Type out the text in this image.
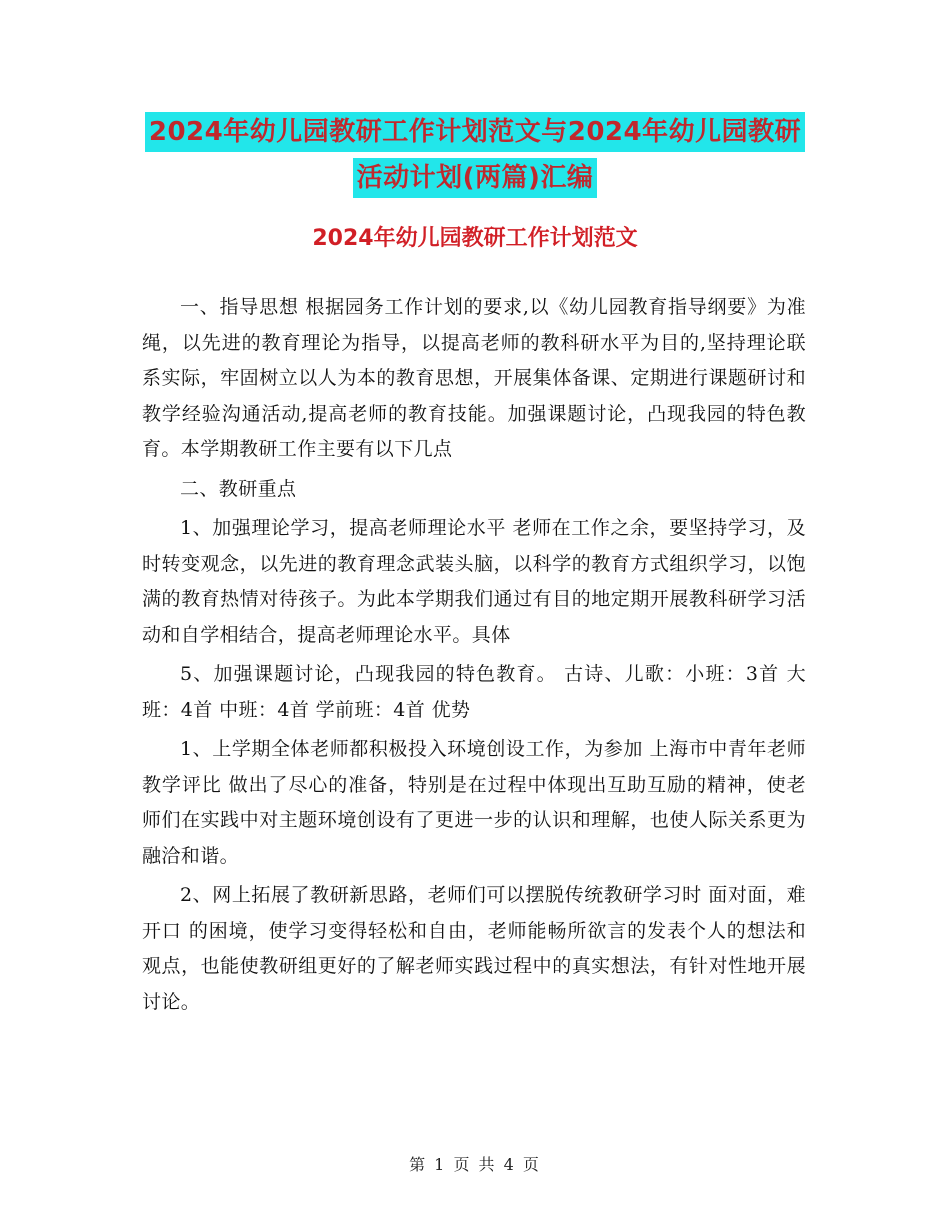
2024年幼儿园教研工作计划范文与2024年幼儿园教研
活动计划(两篇)汇编
2024年幼儿园教研工作计划范文

一、指导思想 根据园务工作计划的要求,以《幼儿园教育指导纲要》为准绳，以先进的教育理论为指导，以提高老师的教科研水平为目的,坚持理论联系实际，牢固树立以人为本的教育思想，开展集体备课、定期进行课题研讨和教学经验沟通活动,提高老师的教育技能。加强课题讨论，凸现我园的特色教育。本学期教研工作主要有以下几点

二、教研重点

1、加强理论学习，提高老师理论水平 老师在工作之余，要坚持学习，及时转变观念，以先进的教育理念武装头脑，以科学的教育方式组织学习，以饱满的教育热情对待孩子。为此本学期我们通过有目的地定期开展教科研学习活动和自学相结合，提高老师理论水平。具体

5、加强课题讨论，凸现我园的特色教育。 古诗、儿歌：小班：3首 大班：4首 中班：4首 学前班：4首 优势

1、上学期全体老师都积极投入环境创设工作，为参加 上海市中青年老师教学评比 做出了尽心的准备，特别是在过程中体现出互助互励的精神，使老师们在实践中对主题环境创设有了更进一步的认识和理解，也使人际关系更为融洽和谐。

2、网上拓展了教研新思路，老师们可以摆脱传统教研学习时 面对面，难开口 的困境，使学习变得轻松和自由，老师能畅所欲言的发表个人的想法和观点，也能使教研组更好的了解老师实践过程中的真实想法，有针对性地开展讨论。

第 1 页 共 4 页
